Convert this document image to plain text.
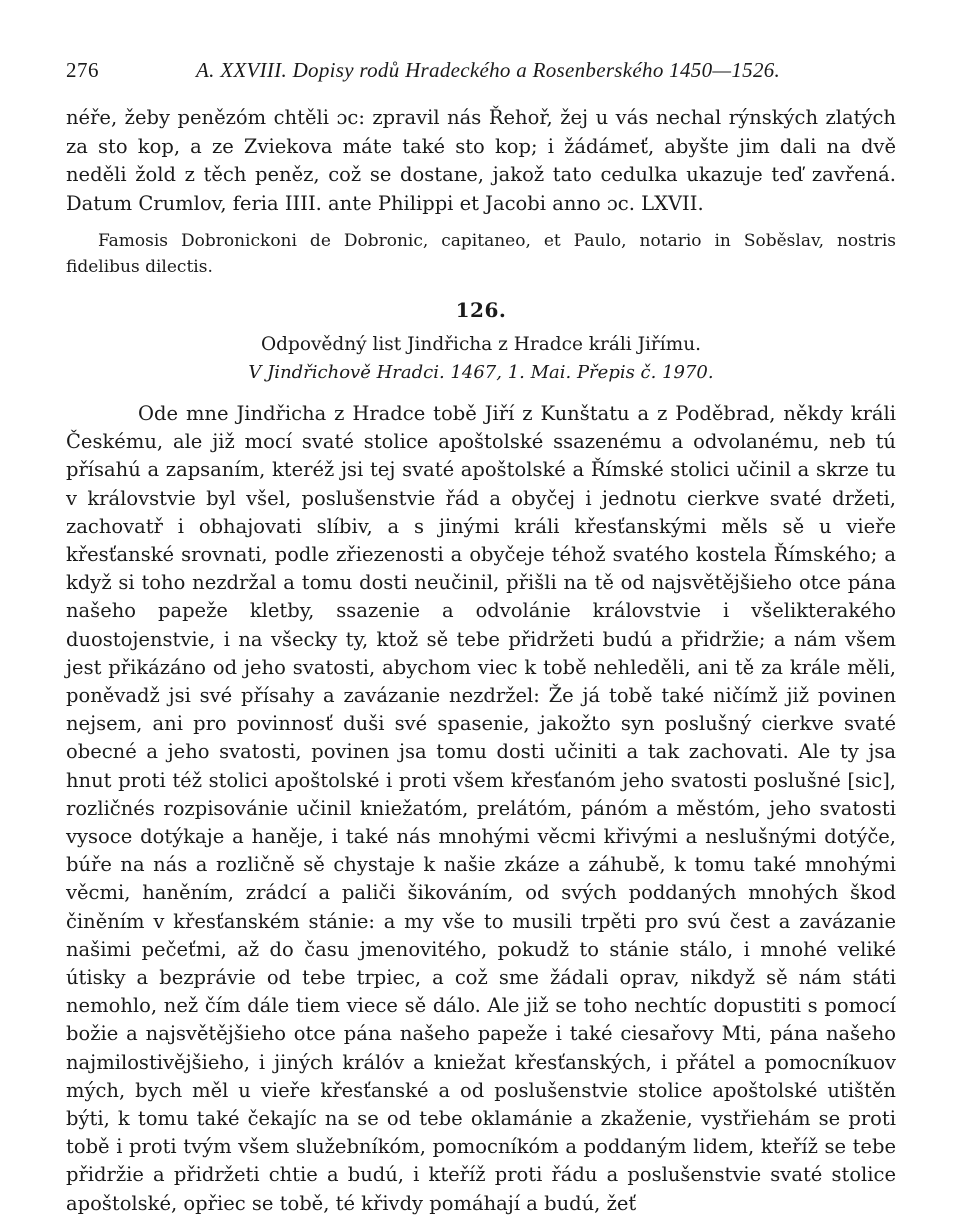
276	A. XXVIII. Dopisy rodů Hradeckého a Rosenberského 1450—1526.

néře, žeby penězóm chtěli ɔc: zpravil nás Řehoř, žej u vás nechal rýnských zlatých za sto kop, a ze Zviekova máte také sto kop; i žádámeť, abyšte jim dali na dvě neděli žold z těch peněz, což se dostane, jakož tato cedulka ukazuje teď zavřená. Datum Crumlov, feria IIII. ante Philippi et Jacobi anno ɔc. LXVII.

Famosis Dobronickoni de Dobronic, capitaneo, et Paulo, notario in Soběslav, nostris fidelibus dilectis.

126.
Odpovědný list Jindřicha z Hradce králi Jiřímu.
V Jindřichově Hradci. 1467, 1. Mai. Přepis č. 1970.

Ode mne Jindřicha z Hradce tobě Jiří z Kunštatu a z Poděbrad, někdy králi Českému, ale již mocí svaté stolice apoštolské ssazenému a odvolanému, neb tú přísahú a zapsaním, kteréž jsi tej svaté apoštolské a Římské stolici učinil a skrze tu v královstvie byl všel, poslušenstvie řád a obyčej i jednotu cierkve svaté držeti, zachovatř i obhajovati slíbiv, a s jinými králi křesťanskými měls sě u vieře křesťanské srovnati, podle zřiezenosti a obyčeje téhož svatého kostela Římského; a když si toho nezdržal a tomu dosti neučinil, přišli na tě od najsvětějšieho otce pána našeho papeže kletby, ssazenie a odvolánie královstvie i všelikterakého duostojenstvie, i na všecky ty, ktož sě tebe přidržeti budú a přidržie; a nám všem jest přikázáno od jeho svatosti, abychom viec k tobě nehleděli, ani tě za krále měli, poněvadž jsi své přísahy a zavázanie nezdržel: Že já tobě také ničímž již povinen nejsem, ani pro povinnosť duši své spasenie, jakožto syn poslušný cierkve svaté obecné a jeho svatosti, povinen jsa tomu dosti učiniti a tak zachovati. Ale ty jsa hnut proti též stolici apoštolské i proti všem křesťanóm jeho svatosti poslušné [sic], rozličnés rozpisovánie učinil kniežatóm, prelátóm, pánóm a městóm, jeho svatosti vysoce dotýkaje a haněje, i také nás mnohými věcmi křivými a neslušnými dotýče, búře na nás a rozličně sě chystaje k našie zkáze a záhubě, k tomu také mnohými věcmi, haněním, zrádcí a paliči šikováním, od svých poddaných mnohých škod činěním v křesťanském stánie: a my vše to musili trpěti pro svú čest a zavázanie našimi pečeťmi, až do času jmenovitého, pokudž to stánie stálo, i mnohé veliké útisky a bezprávie od tebe trpiec, a což sme žádali oprav, nikdyž sě nám státi nemohlo, než čím dále tiem viece sě dálo. Ale již se toho nechtíc dopustiti s pomocí božie a najsvětějšieho otce pána našeho papeže i také ciesařovy Mti, pána našeho najmilostivějšieho, i jiných králóv a kniežat křesťanských, i přátel a pomocníkuov mých, bych měl u vieře křesťanské a od poslušenstvie stolice apoštolské utištěn býti, k tomu také čekajíc na se od tebe oklamánie a zkaženie, vystřiehám se proti tobě i proti tvým všem služebníkóm, pomocníkóm a poddaným lidem, kteříž se tebe přidržie a přidržeti chtie a budú, i kteříž proti řádu a poslušenstvie svaté stolice apoštolské, opřiec se tobě, té křivdy pomáhají a budú, žeť
